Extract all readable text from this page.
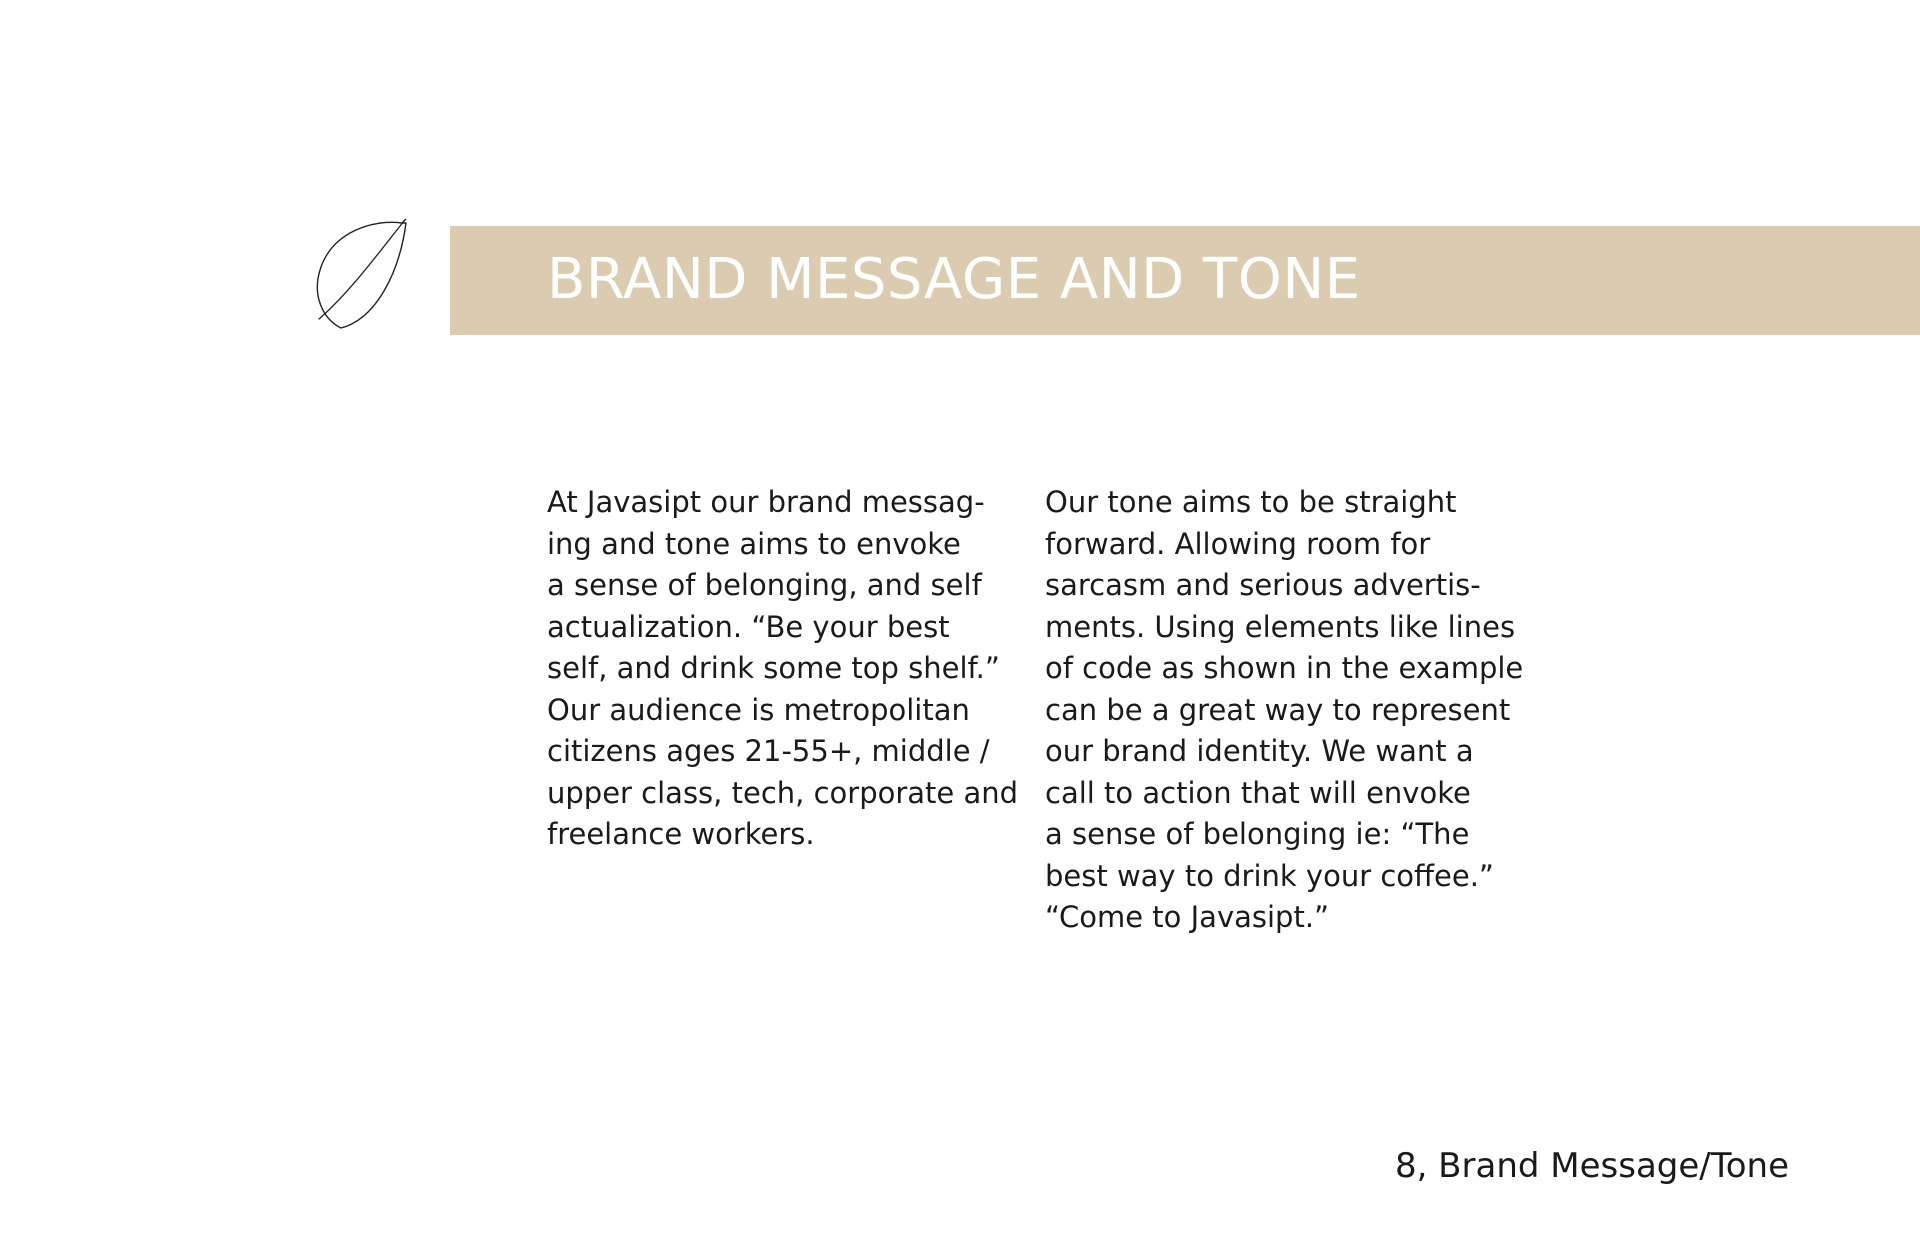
BRAND MESSAGE AND TONE
At Javasipt our brand messag-
ing and tone aims to envoke
a sense of belonging, and self
actualization. “Be your best
self, and drink some top shelf.”
Our audience is metropolitan
citizens ages 21-55+, middle /
upper class, tech, corporate and
freelance workers.
Our tone aims to be straight
forward. Allowing room for
sarcasm and serious advertis-
ments. Using elements like lines
of code as shown in the example
can be a great way to represent
our brand identity. We want a
call to action that will envoke
a sense of belonging ie: “The
best way to drink your coffee.”
“Come to Javasipt.”
8, Brand Message/Tone
